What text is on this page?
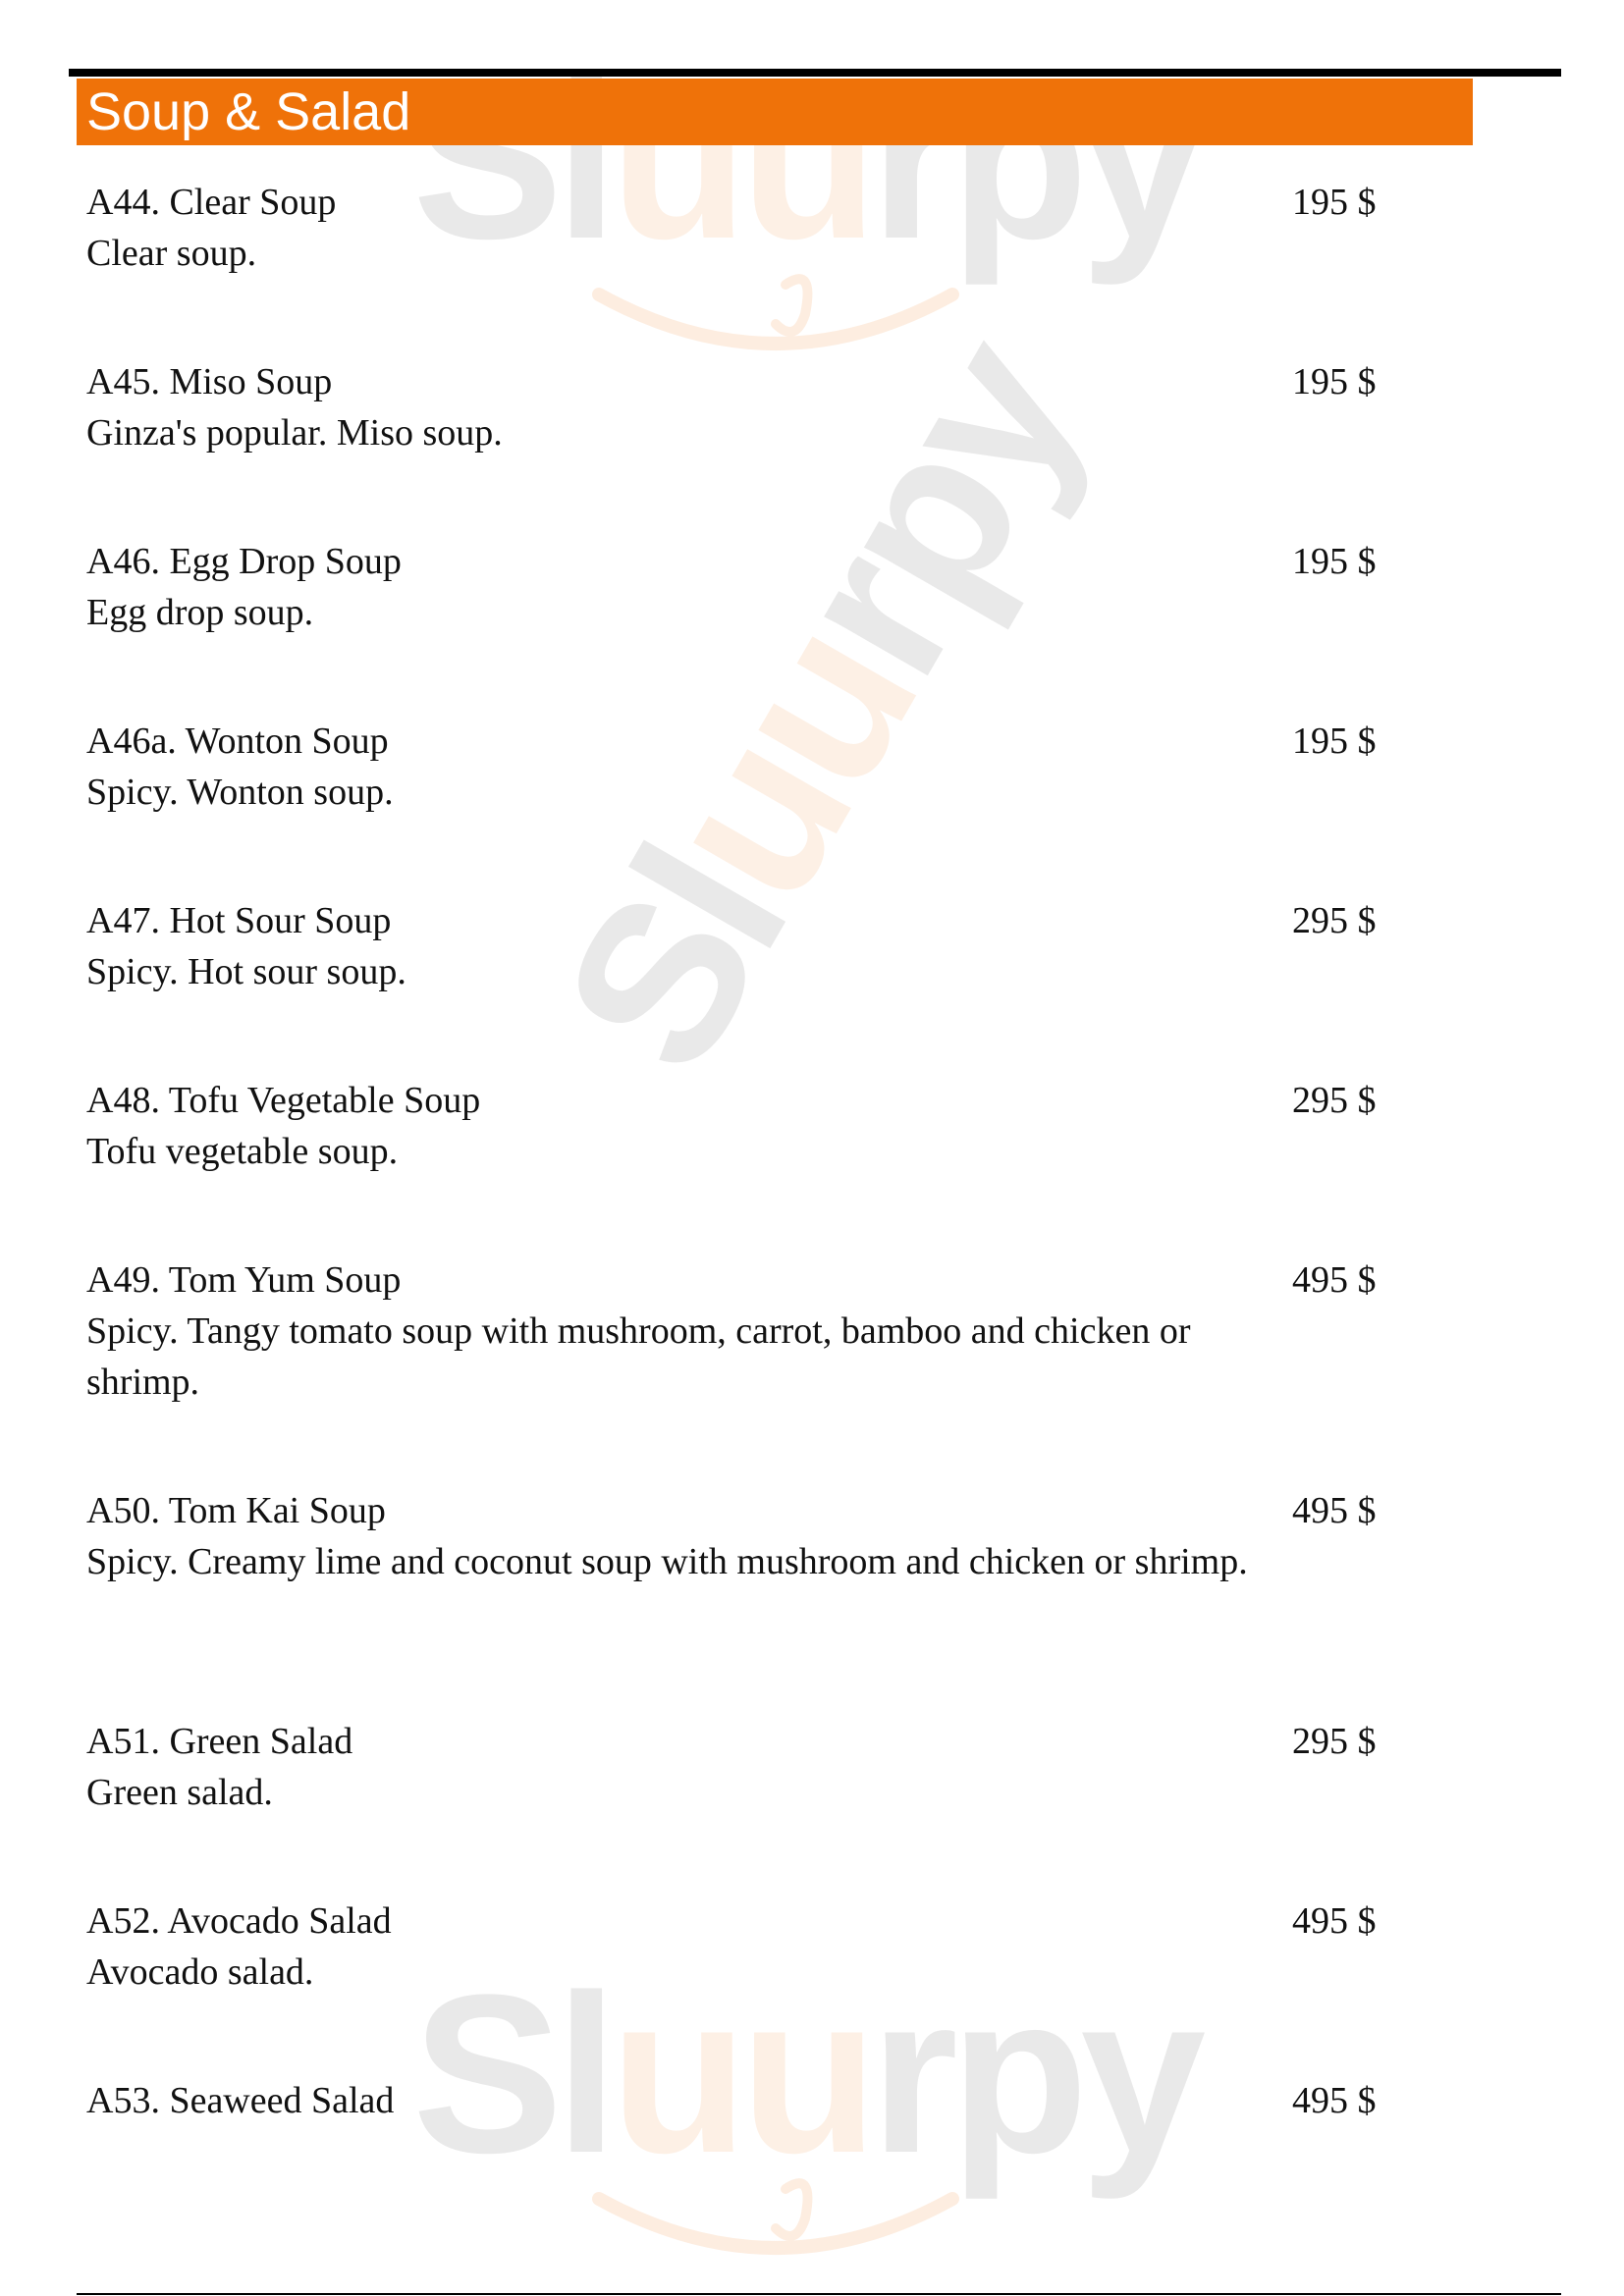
Sluurpy
Sluurpy
Sluurpy
Soup & Salad
A44. Clear Soup
Clear soup.
195 $
A45. Miso Soup
Ginza's popular. Miso soup.
195 $
A46. Egg Drop Soup
Egg drop soup.
195 $
A46a. Wonton Soup
Spicy. Wonton soup.
195 $
A47. Hot Sour Soup
Spicy. Hot sour soup.
295 $
A48. Tofu Vegetable Soup
Tofu vegetable soup.
295 $
A49. Tom Yum Soup
Spicy. Tangy tomato soup with mushroom, carrot, bamboo and chicken or shrimp.
495 $
A50. Tom Kai Soup
Spicy. Creamy lime and coconut soup with mushroom and chicken or shrimp.
495 $
A51. Green Salad
Green salad.
295 $
A52. Avocado Salad
Avocado salad.
495 $
A53. Seaweed Salad	495 $
